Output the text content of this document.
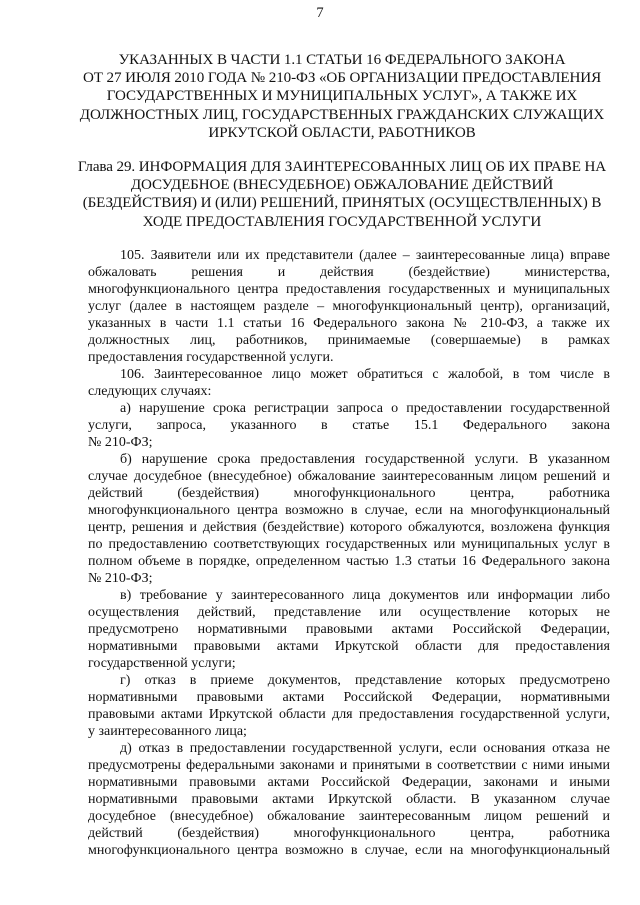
7
УКАЗАННЫХ В ЧАСТИ 1.1 СТАТЬИ 16 ФЕДЕРАЛЬНОГО ЗАКОНА
ОТ 27 ИЮЛЯ 2010 ГОДА № 210-ФЗ «ОБ ОРГАНИЗАЦИИ ПРЕДОСТАВЛЕНИЯ
ГОСУДАРСТВЕННЫХ И МУНИЦИПАЛЬНЫХ УСЛУГ», А ТАКЖЕ ИХ
ДОЛЖНОСТНЫХ ЛИЦ, ГОСУДАРСТВЕННЫХ ГРАЖДАНСКИХ СЛУЖАЩИХ
ИРКУТСКОЙ ОБЛАСТИ, РАБОТНИКОВ
Глава 29. ИНФОРМАЦИЯ ДЛЯ ЗАИНТЕРЕСОВАННЫХ ЛИЦ ОБ ИХ ПРАВЕ НА
ДОСУДЕБНОЕ (ВНЕСУДЕБНОЕ) ОБЖАЛОВАНИЕ ДЕЙСТВИЙ
(БЕЗДЕЙСТВИЯ) И (ИЛИ) РЕШЕНИЙ, ПРИНЯТЫХ (ОСУЩЕСТВЛЕННЫХ) В
ХОДЕ ПРЕДОСТАВЛЕНИЯ ГОСУДАРСТВЕННОЙ УСЛУГИ
105. Заявители или их представители (далее – заинтересованные лица) вправе
обжаловать решения и действия (бездействие) министерства,
многофункционального центра предоставления государственных и муниципальных
услуг (далее в настоящем разделе – многофункциональный центр), организаций,
указанных в части 1.1 статьи 16 Федерального закона № 210-ФЗ, а также их
должностных лиц, работников, принимаемые (совершаемые) в рамках
предоставления государственной услуги.
106. Заинтересованное лицо может обратиться с жалобой, в том числе в
следующих случаях:
а) нарушение срока регистрации запроса о предоставлении государственной
услуги, запроса, указанного в статье 15.1 Федерального закона
№ 210-ФЗ;
б) нарушение срока предоставления государственной услуги. В указанном
случае досудебное (внесудебное) обжалование заинтересованным лицом решений и
действий (бездействия) многофункционального центра, работника
многофункционального центра возможно в случае, если на многофункциональный
центр, решения и действия (бездействие) которого обжалуются, возложена функция
по предоставлению соответствующих государственных или муниципальных услуг в
полном объеме в порядке, определенном частью 1.3 статьи 16 Федерального закона
№ 210-ФЗ;
в) требование у заинтересованного лица документов или информации либо
осуществления действий, представление или осуществление которых не
предусмотрено нормативными правовыми актами Российской Федерации,
нормативными правовыми актами Иркутской области для предоставления
государственной услуги;
г) отказ в приеме документов, представление которых предусмотрено
нормативными правовыми актами Российской Федерации, нормативными
правовыми актами Иркутской области для предоставления государственной услуги,
у заинтересованного лица;
д) отказ в предоставлении государственной услуги, если основания отказа не
предусмотрены федеральными законами и принятыми в соответствии с ними иными
нормативными правовыми актами Российской Федерации, законами и иными
нормативными правовыми актами Иркутской области. В указанном случае
досудебное (внесудебное) обжалование заинтересованным лицом решений и
действий (бездействия) многофункционального центра, работника
многофункционального центра возможно в случае, если на многофункциональный
